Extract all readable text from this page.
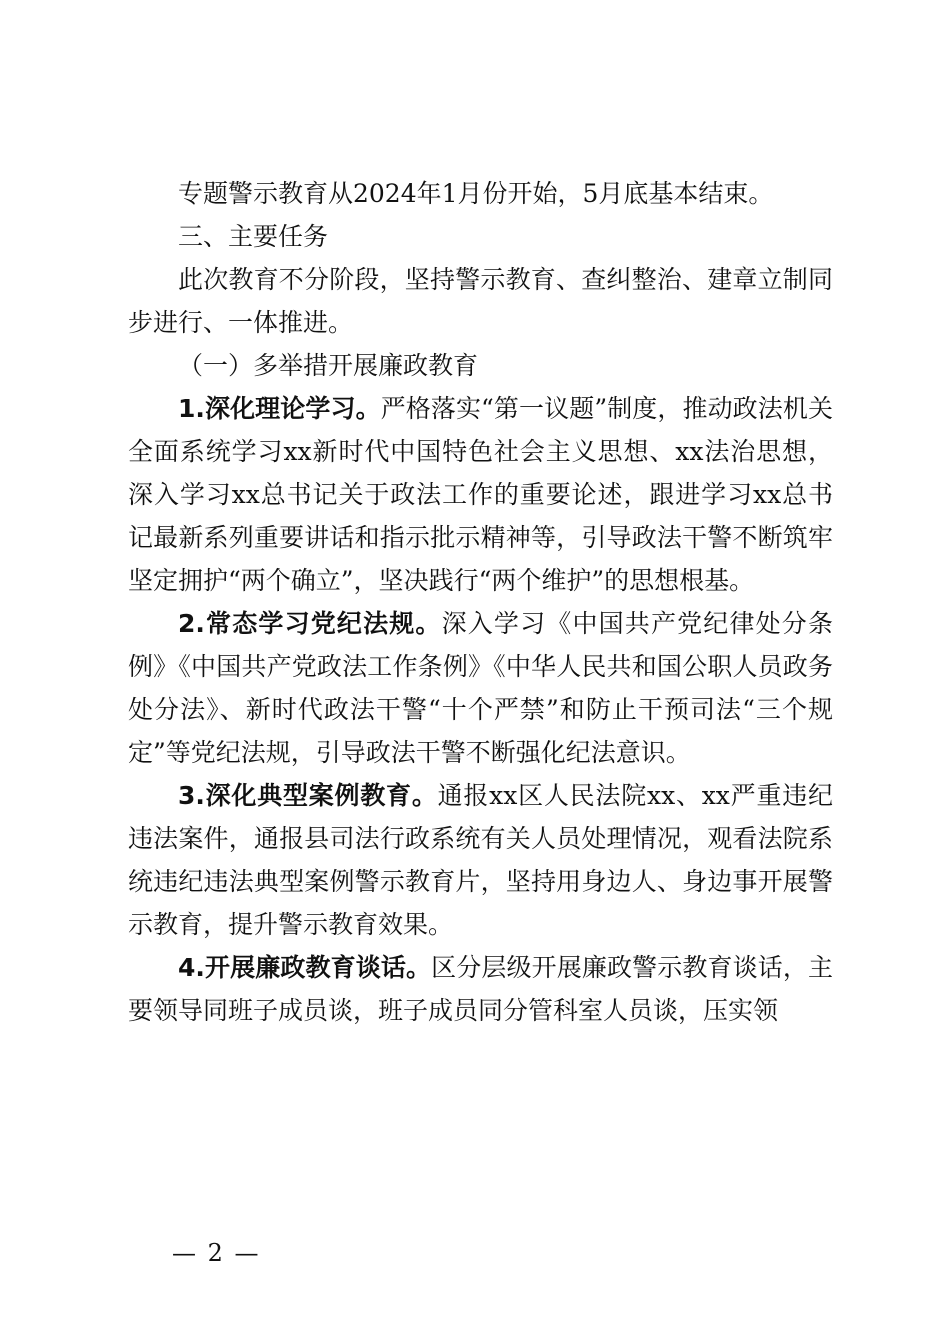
专题警示教育从2024年1月份开始，5月底基本结束。

三、主要任务

此次教育不分阶段，坚持警示教育、查纠整治、建章立制同步进行、一体推进。

（一）多举措开展廉政教育

1.深化理论学习。严格落实“第一议题”制度，推动政法机关全面系统学习xx新时代中国特色社会主义思想、xx法治思想，深入学习xx总书记关于政法工作的重要论述，跟进学习xx总书记最新系列重要讲话和指示批示精神等，引导政法干警不断筑牢坚定拥护“两个确立”，坚决践行“两个维护”的思想根基。

2.常态学习党纪法规。深入学习《中国共产党纪律处分条例》《中国共产党政法工作条例》《中华人民共和国公职人员政务处分法》、新时代政法干警“十个严禁”和防止干预司法“三个规定”等党纪法规，引导政法干警不断强化纪法意识。

3.深化典型案例教育。通报xx区人民法院xx、xx严重违纪违法案件，通报县司法行政系统有关人员处理情况，观看法院系统违纪违法典型案例警示教育片，坚持用身边人、身边事开展警示教育，提升警示教育效果。

4.开展廉政教育谈话。区分层级开展廉政警示教育谈话，主要领导同班子成员谈，班子成员同分管科室人员谈，压实领

— 2 —
